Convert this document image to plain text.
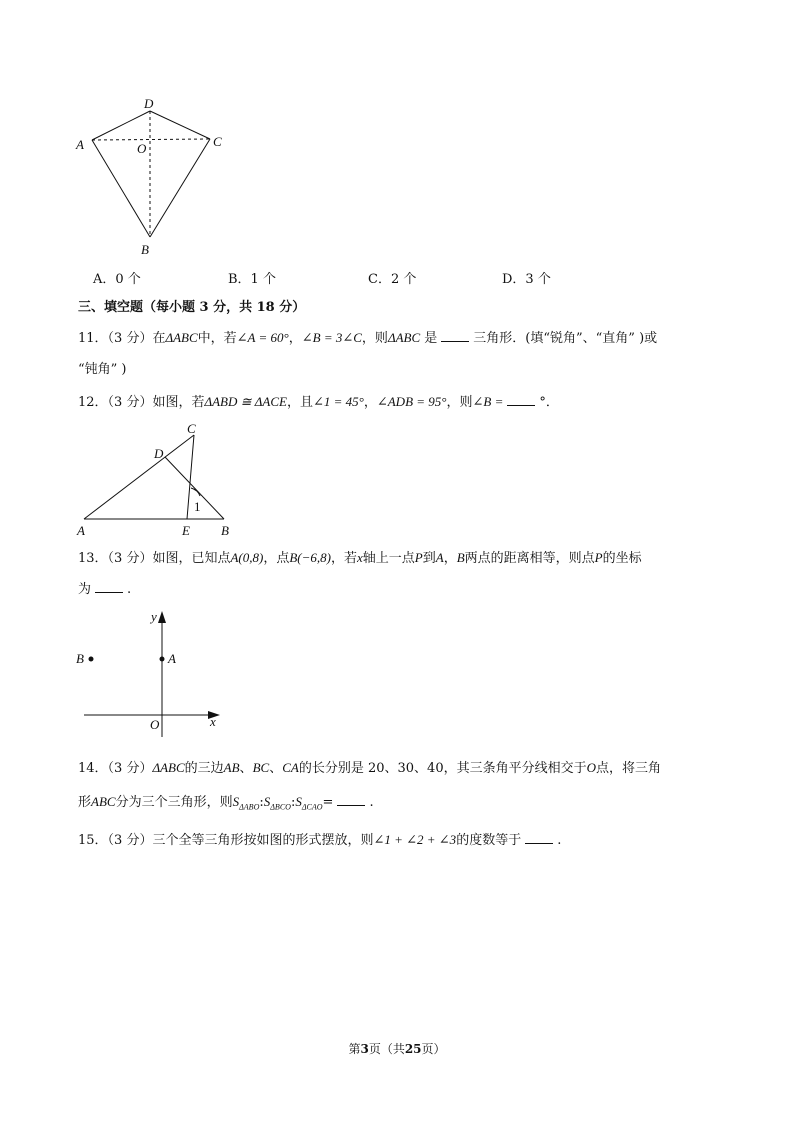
D
A	O	C
B
A．0 个	B．1 个	C．2 个	D．3 个
三、填空题（每小题 3 分，共 18 分）
11．（3 分）在ΔABC中，若∠A = 60°，∠B = 3∠C，则ΔABC 是	三角形．(填“锐角”、“直角” )或
“钝角” )
12．（3 分）如图，若ΔABD ≅ ΔACE，且∠1 = 45°，∠ADB = 95°，则∠B =	°．
C
D
A	E B
1
13．（3 分）如图，已知点A(0,8)，点B(−6,8)，若x轴上一点P到A，B两点的距离相等，则点P的坐标
为	.
y
x
O
A
B
14．（3 分）ΔABC的三边AB、BC、CA的长分别是 20、30、40，其三条角平分线相交于O点，将三角
形ABC分为三个三角形，则$S_{\Delta ABO}:S_{\Delta BCO}:S_{\Delta CAO}=$	.
15．（3 分）三个全等三角形按如图的形式摆放，则∠1 + ∠2 + ∠3的度数等于	.
第3页（共25页）
